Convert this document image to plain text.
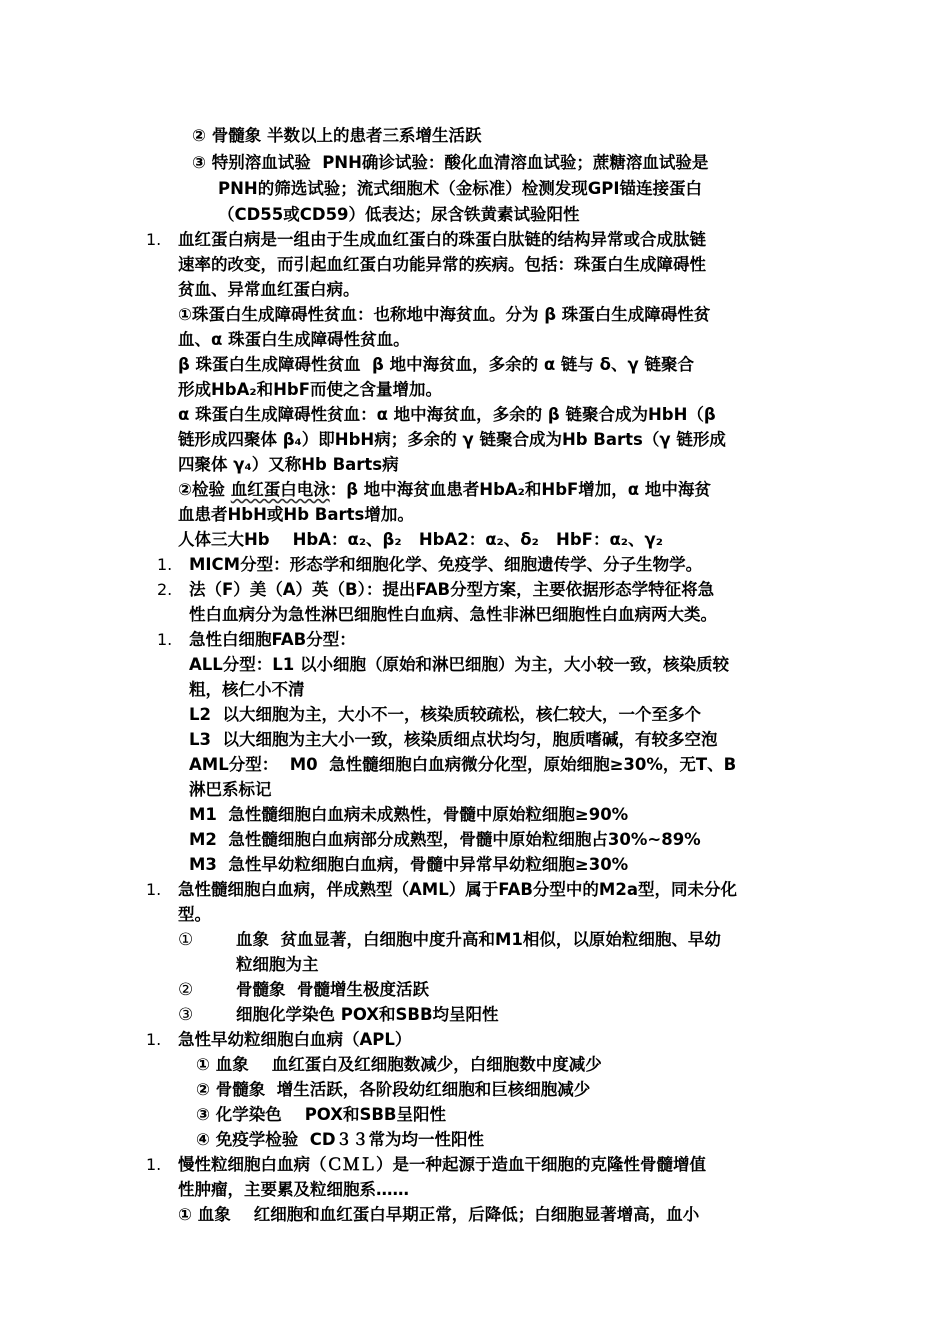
② 骨髓象 半数以上的患者三系增生活跃
③ 特别溶血试验  PNH确诊试验：酸化血清溶血试验；蔗糖溶血试验是
PNH的筛选试验；流式细胞术（金标准）检测发现GPI锚连接蛋白
（CD55或CD59）低表达；尿含铁黄素试验阳性
1. 血红蛋白病是一组由于生成血红蛋白的珠蛋白肽链的结构异常或合成肽链
速率的改变，而引起血红蛋白功能异常的疾病。包括：珠蛋白生成障碍性
贫血、异常血红蛋白病。
①珠蛋白生成障碍性贫血：也称地中海贫血。分为 β 珠蛋白生成障碍性贫
血、α 珠蛋白生成障碍性贫血。
β 珠蛋白生成障碍性贫血  β 地中海贫血，多余的 α 链与 δ、γ 链聚合
形成HbA₂和HbF而使之含量增加。
α 珠蛋白生成障碍性贫血：α 地中海贫血，多余的 β 链聚合成为HbH（β
链形成四聚体 β₄）即HbH病；多余的 γ 链聚合成为Hb Barts（γ 链形成
四聚体 γ₄）又称Hb Barts病
②检验 血红蛋白电泳：β 地中海贫血患者HbA₂和HbF增加，α 地中海贫
血患者HbH或Hb Barts增加。
人体三大Hb    HbA：α₂、β₂   HbA2：α₂、δ₂   HbF：α₂、γ₂
1. MICM分型：形态学和细胞化学、免疫学、细胞遗传学、分子生物学。
2. 法（F）美（A）英（B）：提出FAB分型方案，主要依据形态学特征将急
性白血病分为急性淋巴细胞性白血病、急性非淋巴细胞性白血病两大类。
1. 急性白细胞FAB分型：
ALL分型：L1 以小细胞（原始和淋巴细胞）为主，大小较一致，核染质较
粗，核仁小不清
L2  以大细胞为主，大小不一，核染质较疏松，核仁较大，一个至多个
L3  以大细胞为主大小一致，核染质细点状均匀，胞质嗜碱，有较多空泡
AML分型：  M0  急性髓细胞白血病微分化型，原始细胞≥30%，无T、B
淋巴系标记
M1  急性髓细胞白血病未成熟性，骨髓中原始粒细胞≥90%
M2  急性髓细胞白血病部分成熟型，骨髓中原始粒细胞占30%~89%
M3  急性早幼粒细胞白血病，骨髓中异常早幼粒细胞≥30%
1. 急性髓细胞白血病，伴成熟型（AML）属于FAB分型中的M2a型，同未分化
型。
①	血象  贫血显著，白细胞中度升高和M1相似，以原始粒细胞、早幼
粒细胞为主
②	骨髓象  骨髓增生极度活跃
③	细胞化学染色 POX和SBB均呈阳性
1. 急性早幼粒细胞白血病（APL）
① 血象    血红蛋白及红细胞数减少，白细胞数中度减少
② 骨髓象  增生活跃，各阶段幼红细胞和巨核细胞减少
③ 化学染色    POX和SBB呈阳性
④ 免疫学检验  CD３３常为均一性阳性
1. 慢性粒细胞白血病（ＣＭＬ）是一种起源于造血干细胞的克隆性骨髓增值
性肿瘤，主要累及粒细胞系……
① 血象    红细胞和血红蛋白早期正常，后降低；白细胞显著增高，血小
